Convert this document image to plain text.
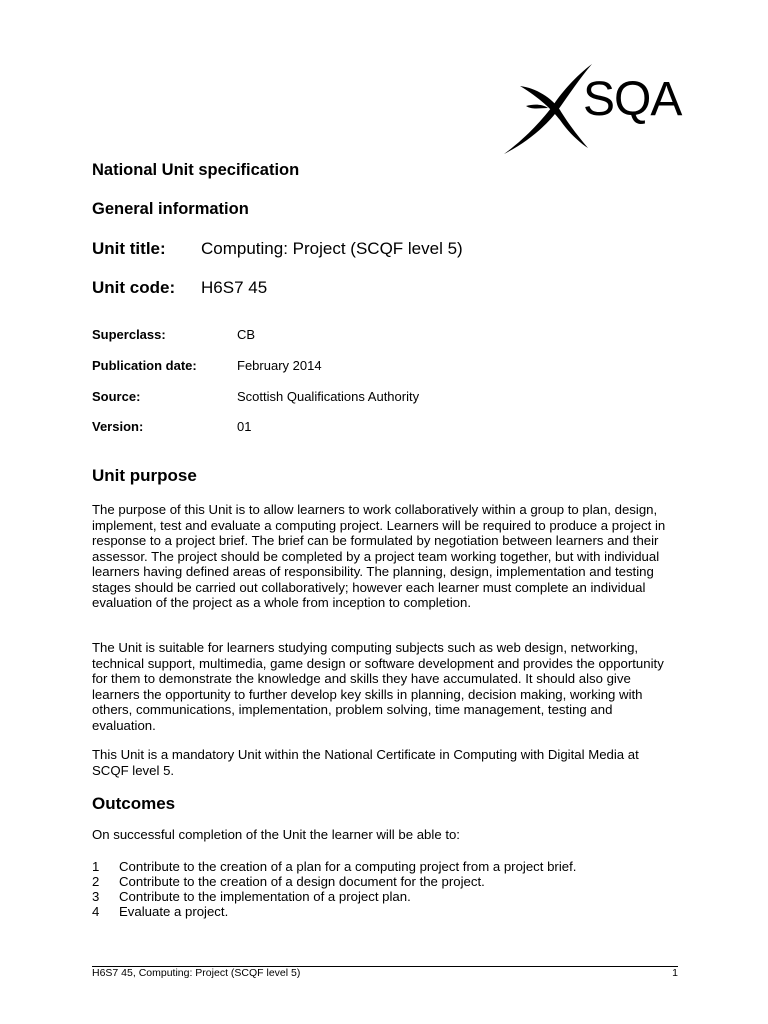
SQA
National Unit specification
General information
Unit title: Computing: Project (SCQF level 5)
Unit code: H6S7 45
Superclass:	CB
Publication date:	February 2014
Source:	Scottish Qualifications Authority
Version:	01
Unit purpose

The purpose of this Unit is to allow learners to work collaboratively within a group to plan, design, implement, test and evaluate a computing project. Learners will be required to produce a project in response to a project brief. The brief can be formulated by negotiation between learners and their assessor. The project should be completed by a project team working together, but with individual learners having defined areas of responsibility. The planning, design, implementation and testing stages should be carried out collaboratively; however each learner must complete an individual evaluation of the project as a whole from inception to completion.

The Unit is suitable for learners studying computing subjects such as web design, networking, technical support, multimedia, game design or software development and provides the opportunity for them to demonstrate the knowledge and skills they have accumulated. It should also give learners the opportunity to further develop key skills in planning, decision making, working with others, communications, implementation, problem solving, time management, testing and evaluation.

This Unit is a mandatory Unit within the National Certificate in Computing with Digital Media at SCQF level 5.

Outcomes
On successful completion of the Unit the learner will be able to:
1 Contribute to the creation of a plan for a computing project from a project brief.
2 Contribute to the creation of a design document for the project.
3 Contribute to the implementation of a project plan.
4 Evaluate a project.
H6S7 45, Computing: Project (SCQF level 5)	1
